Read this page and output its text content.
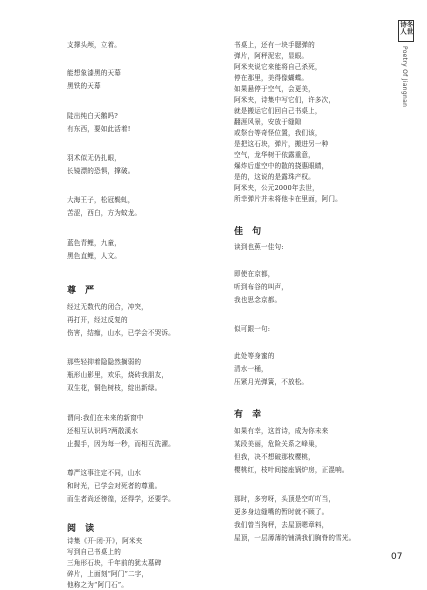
冬世诗人
Poetry Of Jiangnan
支撑头颅，立着。
能想象漆黑的天幕
黑铁的天幕
陡出纯白天鹅吗?
有东西，要如此活着!
羽术似无仍扎眼，
长镜漂的恐惧，撑破。
大海王子，松冠鬓虬，
苦涩，西白，方为蚊龙。
蓝色青鲤，九童，
黑色直鲤，人文。
尊 严
经过无数代的闭合，冲突，
再打开，经过反复的
伤害，结痂，山水，已学会不哭诉。
那些轻抑着隐隐然搁弱的
瓶形山影里，欢乐，烧砖我朋友，
双生花，铜色树枝，绽出新绿。
谓问:我们在未来的新窗中
还相互认识吗?两散溪水
止握手，因为每一秒，而相互洗濯。
尊严这事注定不同，山水
和时光，已学会对死者的尊重。
而生者尚还徬徨，还得学，还要学。
阅 读
诗集《开·闭·开》，阿米夹
写到自己书桌上的
三角形石块，千年前的犹太墓碑
碎片，上面刻“阿门”二字，
他称之为“阿门石”。
书桌上，还有一块手腮弹的
弹片，阿秤泥宏，显眼。
阿米夹说它来能将自己杀死，
停在那里，美得像蝴蝶。
如果悬停于空气，会更美，
阿米夹，诗集中写它们，许多次，
就是搬运它们回自己书桌上，
翻涯风景，安放于缝隙
或祭台等奇怪位置，我们该，
是把这石块，弹片，搬进另一种
空气，龙华树干依露重意，
爆炸后虚空中的散的挠惠眼睛，
是的，这说的是露珠产权。
阿米夹，公元2000年去世，
所幸弹片并未将他卡在里面，阿门。
佳 句
读到也蕉一佳句:
即使在京都，
听到布谷的叫声，
我也思念京都。
似可跟一句:
此处等身蜜的
清水一桶，
压紧月光弹簧，不放松。
有 幸
如果有幸，这首诗，成为你未来
某段美丽，危险关系之峰巢，
但我，决不想破那枚樱桃，
樱桃红，枝叶间接座锅炉房，正混响。
那时，多穷呀，头顶是空吖吖当，
更多身边缝嘴的暂时就不顾了。
我们曾当狗秤，去屋顶嗯章料，
屋顶，一层薄薄的铺满我们胸脊的雪光。
07
